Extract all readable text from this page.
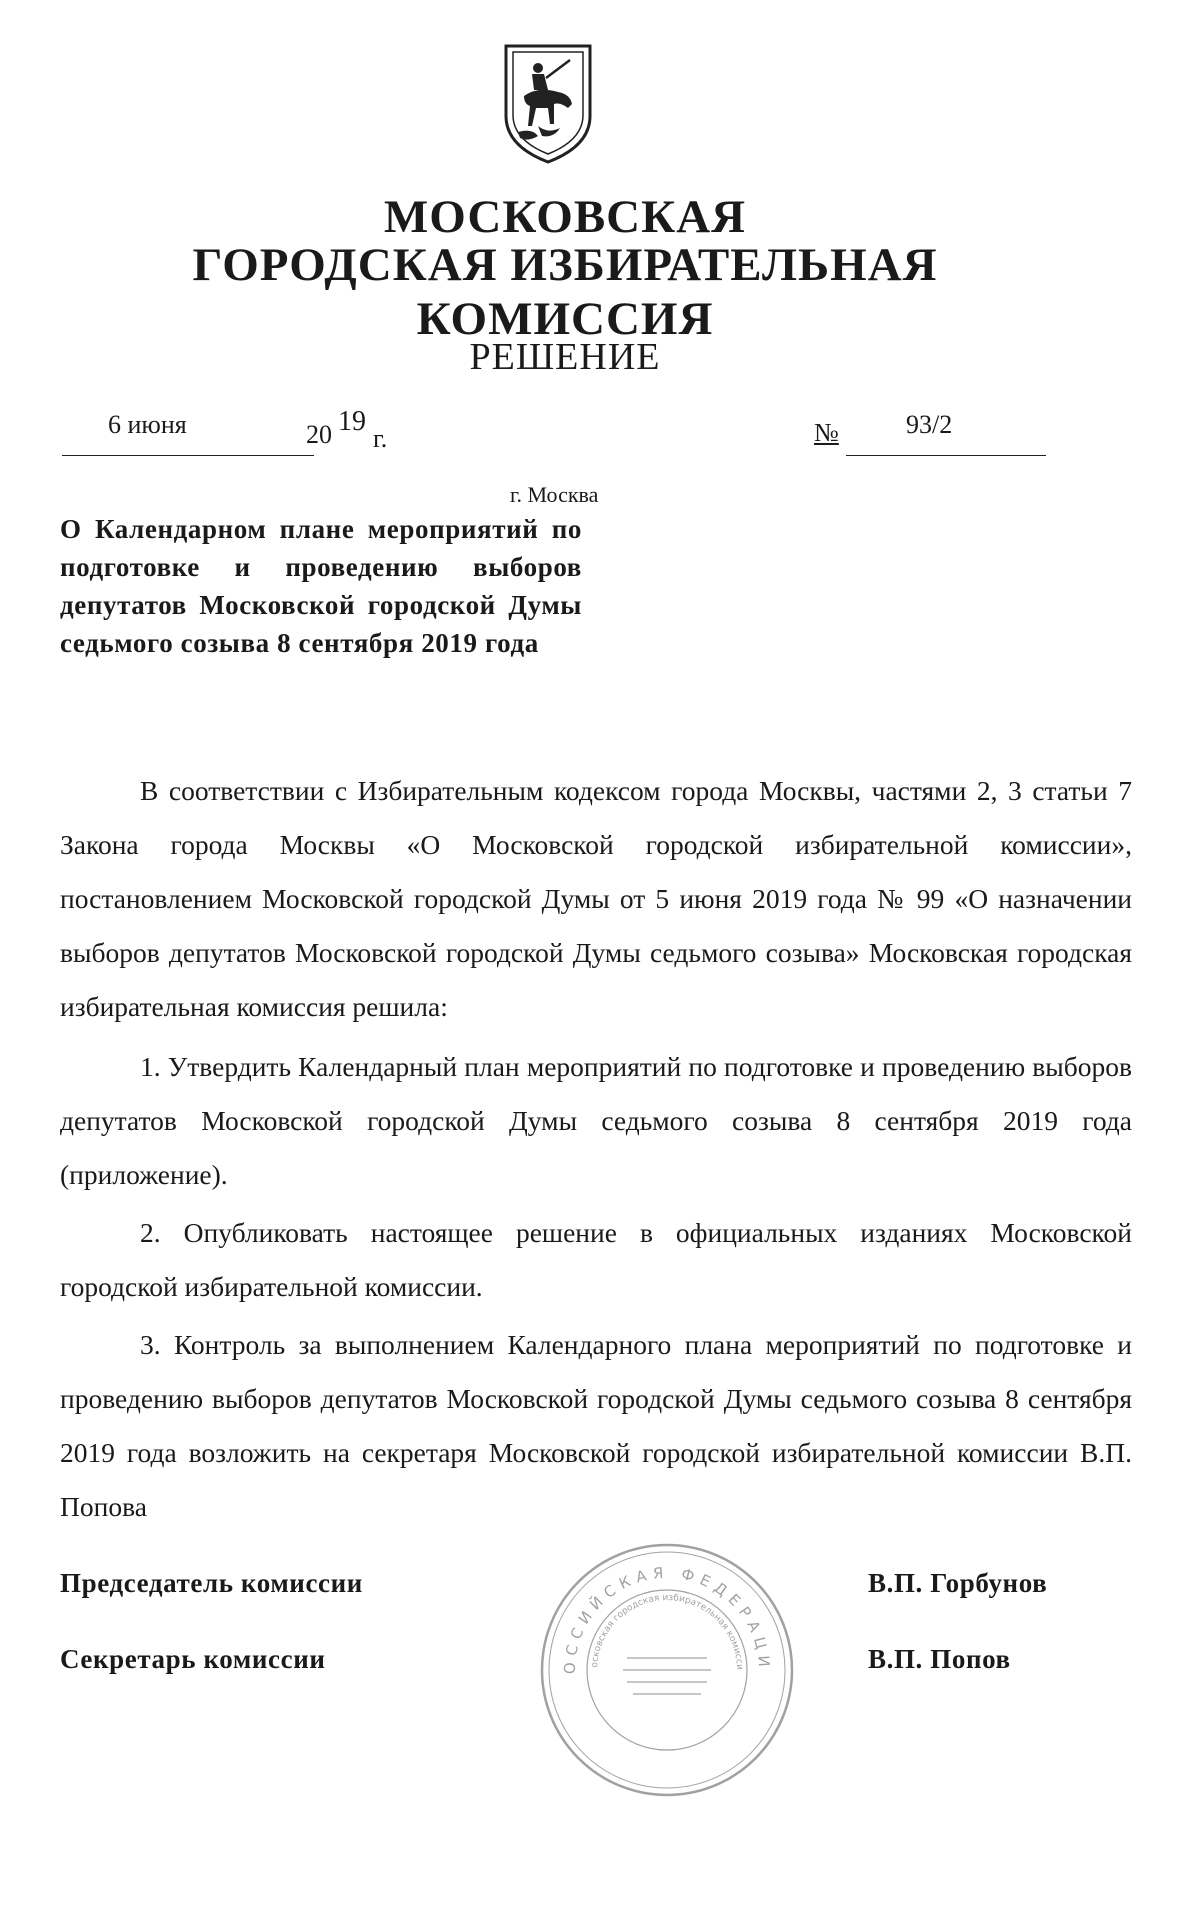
МОСКОВСКАЯ
ГОРОДСКАЯ ИЗБИРАТЕЛЬНАЯ КОМИССИЯ
РЕШЕНИЕ
6 июня	20 19
г.	№	93/2
г. Москва
О Календарном плане мероприятий по подготовке и проведению выборов депутатов Московской городской Думы седьмого созыва 8 сентября 2019 года
В соответствии с Избирательным кодексом города Москвы, частями 2, 3 статьи 7 Закона города Москвы «О Московской городской избирательной комиссии», постановлением Московской городской Думы от 5 июня 2019 года № 99 «О назначении выборов депутатов Московской городской Думы седьмого созыва» Московская городская избирательная комиссия решила:
1. Утвердить Календарный план мероприятий по подготовке и проведению выборов депутатов Московской городской Думы седьмого созыва 8 сентября 2019 года (приложение).
2. Опубликовать настоящее решение в официальных изданиях Московской городской избирательной комиссии.
3. Контроль за выполнением Календарного плана мероприятий по подготовке и проведению выборов депутатов Московской городской Думы седьмого созыва 8 сентября 2019 года возложить на секретаря Московской городской избирательной комиссии В.П. Попова
ОССИЙСКАЯ ФЕДЕРАЦИ
осковская городская избирательная комисси
Председатель комиссии	В.П. Горбунов
Секретарь комиссии	В.П. Попов
